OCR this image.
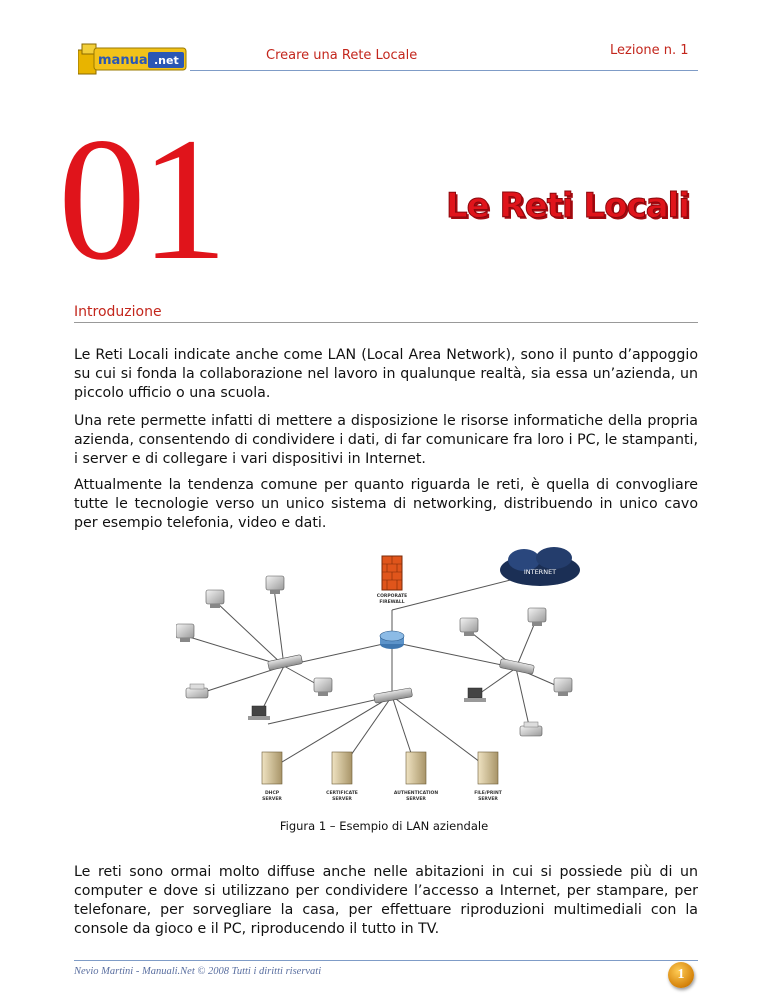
manuali
.net	Creare una Rete Locale	Lezione n. 1
01	Le Reti Locali
Introduzione
Le Reti Locali indicate anche come LAN (Local Area Network), sono il punto d’appoggio su cui si fonda la collaborazione nel lavoro in qualunque realtà, sia essa un’azienda, un piccolo ufficio o una scuola.
Una rete permette infatti di mettere a disposizione le risorse informatiche della propria azienda, consentendo di condividere i dati, di far comunicare fra loro i PC, le stampanti, i server e di collegare i vari dispositivi in Internet.
Attualmente la tendenza comune per quanto riguarda le reti, è quella di convogliare tutte le tecnologie verso un unico sistema di networking, distribuendo in unico cavo per esempio telefonia, video e dati.
INTERNET
CORPORATE
FIREWALL
DHCP
SERVER
CERTIFICATE
SERVER
AUTHENTICATION
SERVER
FILE/PRINT
SERVER
Figura 1 – Esempio di LAN aziendale
Le reti sono ormai molto diffuse anche nelle abitazioni in cui si possiede più di un computer e dove si utilizzano per condividere l’accesso a Internet, per stampare, per telefonare, per sorvegliare la casa, per effettuare riproduzioni multimediali con la console da gioco e il PC, riproducendo il tutto in TV.
Nevio Martini - Manuali.Net © 2008 Tutti i diritti riservati	1
